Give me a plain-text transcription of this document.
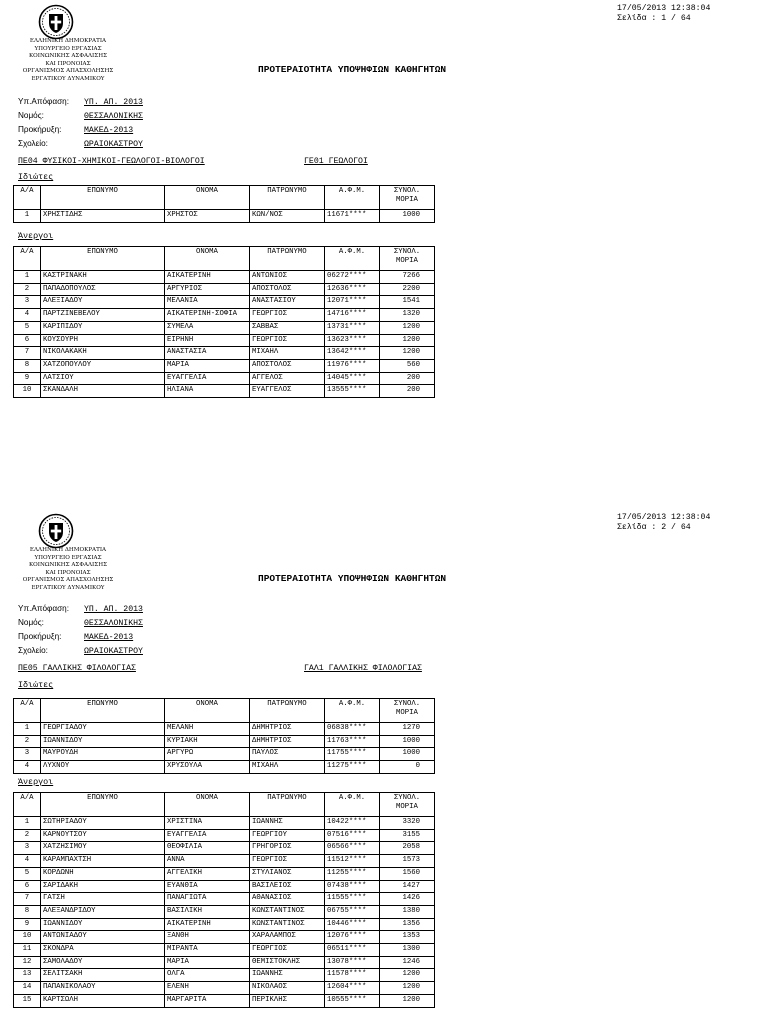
ΕΛΛΗΝΙΚΗ ΔΗΜΟΚΡΑΤΙΑ
ΥΠΟΥΡΓΕΙΟ ΕΡΓΑΣΙΑΣ
ΚΟΙΝΩΝΙΚΗΣ ΑΣΦΑΛΙΣΗΣ
ΚΑΙ ΠΡΟΝΟΙΑΣ
ΟΡΓΑΝΙΣΜΟΣ ΑΠΑΣΧΟΛΗΣΗΣ
ΕΡΓΑΤΙΚΟΥ ΔΥΝΑΜΙΚΟΥ
17/05/2013 12:38:04
Σελίδα : 1 / 64
ΠΡΟΤΕΡΑΙΟΤΗΤΑ ΥΠΟΨΗΦΙΩΝ ΚΑΘΗΓΗΤΩΝ
Υπ.Απόφαση: ΥΠ. ΑΠ. 2013
Νομός:	ΘΕΣΣΑΛΟΝΙΚΗΣ
Προκήρυξη:	ΜΑΚΕΔ-2013
Σχολείο:	ΩΡΑΙΟΚΑΣΤΡΟΥ
ΠΕ04 ΦΥΣΙΚΟΙ-ΧΗΜΙΚΟΙ-ΓΕΩΛΟΓΟΙ-ΒΙΟΛΟΓΟΙ	ΓΕ01 ΓΕΩΛΟΓΟΙ
Ιδιώτες
Α/Α	ΕΠΩΝΥΜΟ	ΟΝΟΜΑ	ΠΑΤΡΩΝΥΜΟ	Α.Φ.Μ.	ΣΥΝΟΛ. ΜΟΡΙΑ
1	ΧΡΗΣΤΙΔΗΣ	ΧΡΗΣΤΟΣ	ΚΩΝ/ΝΟΣ	11671****	1000
Άνεργοι
Α/Α	ΕΠΩΝΥΜΟ	ΟΝΟΜΑ	ΠΑΤΡΩΝΥΜΟ	Α.Φ.Μ.	ΣΥΝΟΛ. ΜΟΡΙΑ
1	ΚΑΣΤΡΙΝΑΚΗ	ΑΙΚΑΤΕΡΙΝΗ	ΑΝΤΩΝΙΟΣ	06272****	7266
2	ΠΑΠΑΔΟΠΟΥΛΟΣ	ΑΡΓΥΡΙΟΣ	ΑΠΟΣΤΟΛΟΣ	12636****	2200
3	ΑΛΕΞΙΑΔΟΥ	ΜΕΛΑΝΙΑ	ΑΝΑΣΤΑΣΙΟΥ	12071****	1541
4	ΠΑΡΤΖΙΝΕΒΕΛΟΥ	ΑΙΚΑΤΕΡΙΝΗ-ΣΟΦΙΑ	ΓΕΩΡΓΙΟΣ	14716****	1320
5	ΚΑΡΙΠΙΔΟΥ	ΣΥΜΕΛΑ	ΣΑΒΒΑΣ	13731****	1200
6	ΚΟΥΣΟΥΡΗ	ΕΙΡΗΝΗ	ΓΕΩΡΓΙΟΣ	13623****	1200
7	ΝΙΚΟΛΑΚΑΚΗ	ΑΝΑΣΤΑΣΙΑ	ΜΙΧΑΗΛ	13642****	1200
8	ΧΑΤΖΟΠΟΥΛΟΥ	ΜΑΡΙΑ	ΑΠΟΣΤΟΛΟΣ	11976****	560
9	ΛΑΤΣΙΟΥ	ΕΥΑΓΓΕΛΙΑ	ΑΓΓΕΛΟΣ	14045****	200
10	ΣΚΑΝΔΑΛΗ	ΗΛΙΑΝΑ	ΕΥΑΓΓΕΛΟΣ	13555****	200
ΕΛΛΗΝΙΚΗ ΔΗΜΟΚΡΑΤΙΑ
ΥΠΟΥΡΓΕΙΟ ΕΡΓΑΣΙΑΣ
ΚΟΙΝΩΝΙΚΗΣ ΑΣΦΑΛΙΣΗΣ
ΚΑΙ ΠΡΟΝΟΙΑΣ
ΟΡΓΑΝΙΣΜΟΣ ΑΠΑΣΧΟΛΗΣΗΣ
ΕΡΓΑΤΙΚΟΥ ΔΥΝΑΜΙΚΟΥ
17/05/2013 12:38:04
Σελίδα : 2 / 64
ΠΡΟΤΕΡΑΙΟΤΗΤΑ ΥΠΟΨΗΦΙΩΝ ΚΑΘΗΓΗΤΩΝ
Υπ.Απόφαση: ΥΠ. ΑΠ. 2013
Νομός:	ΘΕΣΣΑΛΟΝΙΚΗΣ
Προκήρυξη:	ΜΑΚΕΔ-2013
Σχολείο:	ΩΡΑΙΟΚΑΣΤΡΟΥ
ΠΕ05 ΓΑΛΛΙΚΗΣ ΦΙΛΟΛΟΓΙΑΣ	ΓΑΛ1 ΓΑΛΛΙΚΗΣ ΦΙΛΟΛΟΓΙΑΣ
Ιδιώτες
Α/Α	ΕΠΩΝΥΜΟ	ΟΝΟΜΑ	ΠΑΤΡΩΝΥΜΟ	Α.Φ.Μ.	ΣΥΝΟΛ. ΜΟΡΙΑ
1	ΓΕΩΡΓΙΑΔΟΥ	ΜΕΛΑΝΗ	ΔΗΜΗΤΡΙΟΣ	06838****	1270
2	ΙΩΑΝΝΙΔΟΥ	ΚΥΡΙΑΚΗ	ΔΗΜΗΤΡΙΟΣ	11763****	1000
3	ΜΑΥΡΟΥΔΗ	ΑΡΓΥΡΩ	ΠΑΥΛΟΣ	11755****	1000
4	ΛΥΧΝΟΥ	ΧΡΥΣΟΥΛΑ	ΜΙΧΑΗΛ	11275****	0
Άνεργοι
Α/Α	ΕΠΩΝΥΜΟ	ΟΝΟΜΑ	ΠΑΤΡΩΝΥΜΟ	Α.Φ.Μ.	ΣΥΝΟΛ. ΜΟΡΙΑ
1	ΣΩΤΗΡΙΑΔΟΥ	ΧΡΙΣΤΙΝΑ	ΙΩΑΝΝΗΣ	10422****	3320
2	ΚΑΡΝΟΥΤΣΟΥ	ΕΥΑΓΓΕΛΙΑ	ΓΕΩΡΓΙΟΥ	07516****	3155
3	ΧΑΤΖΗΣΙΜΟΥ	ΘΕΟΦΙΛΙΑ	ΓΡΗΓΟΡΙΟΣ	06566****	2058
4	ΚΑΡΑΜΠΑΧΤΣΗ	ΑΝΝΑ	ΓΕΩΡΓΙΟΣ	11512****	1573
5	ΚΟΡΔΩΝΗ	ΑΓΓΕΛΙΚΗ	ΣΤΥΛΙΑΝΟΣ	11255****	1560
6	ΣΑΡΙΔΑΚΗ	ΕΥΑΝΘΙΑ	ΒΑΣΙΛΕΙΟΣ	07438****	1427
7	ΓΑΤΣΗ	ΠΑΝΑΓΙΩΤΑ	ΑΘΑΝΑΣΙΟΣ	11555****	1426
8	ΑΛΕΞΑΝΔΡΙΔΟΥ	ΒΑΣΙΛΙΚΗ	ΚΩΝΣΤΑΝΤΙΝΟΣ	06755****	1380
9	ΙΩΑΝΝΙΔΟΥ	ΑΙΚΑΤΕΡΙΝΗ	ΚΩΝΣΤΑΝΤΙΝΟΣ	10446****	1356
10	ΑΝΤΩΝΙΑΔΟΥ	ΞΑΝΘΗ	ΧΑΡΑΛΑΜΠΟΣ	12076****	1353
11	ΣΚΟΝΔΡΑ	ΜΙΡΑΝΤΑ	ΓΕΩΡΓΙΟΣ	06511****	1300
12	ΣΑΜΟΛΑΔΟΥ	ΜΑΡΙΑ	ΘΕΜΙΣΤΟΚΛΗΣ	13078****	1246
13	ΣΕΛΙΤΣΑΚΗ	ΟΛΓΑ	ΙΩΑΝΝΗΣ	11578****	1200
14	ΠΑΠΑΝΙΚΟΛΑΟΥ	ΕΛΕΝΗ	ΝΙΚΟΛΑΟΣ	12604****	1200
15	ΚΑΡΤΣΩΛΗ	ΜΑΡΓΑΡΙΤΑ	ΠΕΡΙΚΛΗΣ	10555****	1200
